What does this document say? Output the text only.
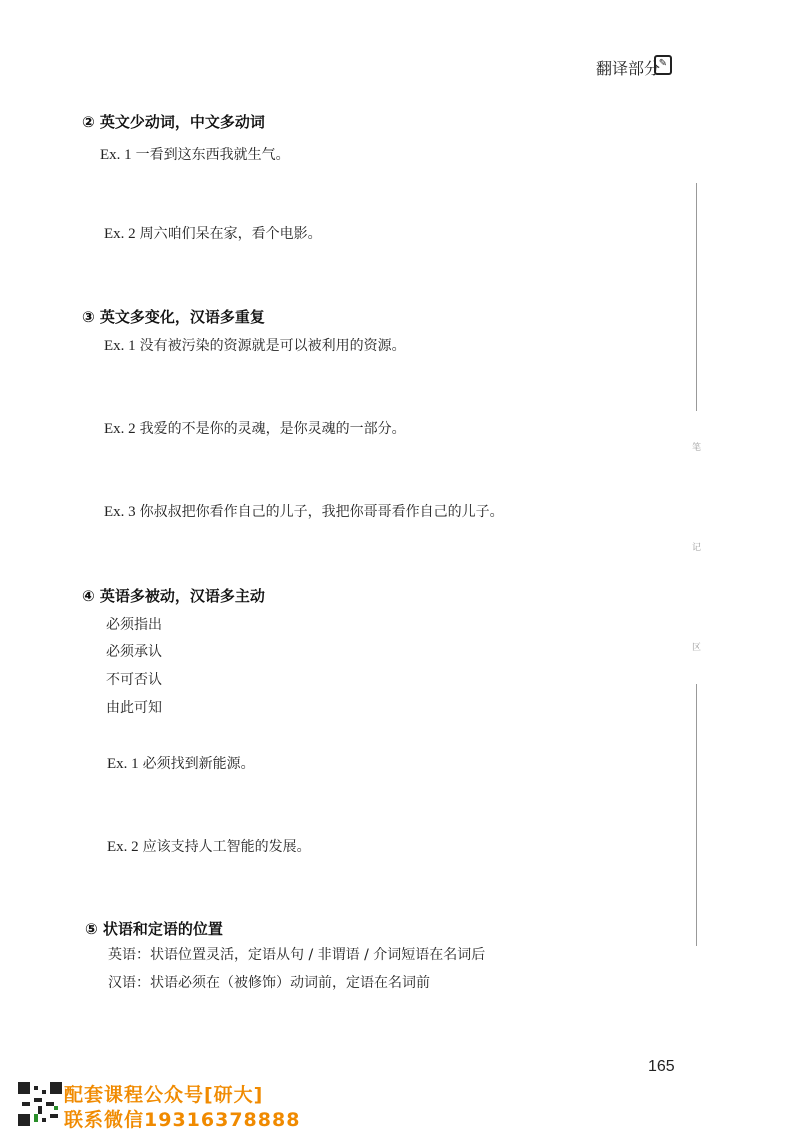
翻译部分
✎
② 英文少动词，中文多动词
Ex. 1 一看到这东西我就生气。
Ex. 2 周六咱们呆在家，看个电影。
③ 英文多变化，汉语多重复
Ex. 1 没有被污染的资源就是可以被利用的资源。
Ex. 2 我爱的不是你的灵魂，是你灵魂的一部分。
Ex. 3 你叔叔把你看作自己的儿子，我把你哥哥看作自己的儿子。
④ 英语多被动，汉语多主动
必须指出
必须承认
不可否认
由此可知
Ex. 1 必须找到新能源。
Ex. 2 应该支持人工智能的发展。
⑤ 状语和定语的位置
英语：状语位置灵活，定语从句 / 非谓语 / 介词短语在名词后
汉语：状语必须在（被修饰）动词前，定语在名词前
笔
记
区
165
配套课程公众号[研大]
联系微信19316378888
